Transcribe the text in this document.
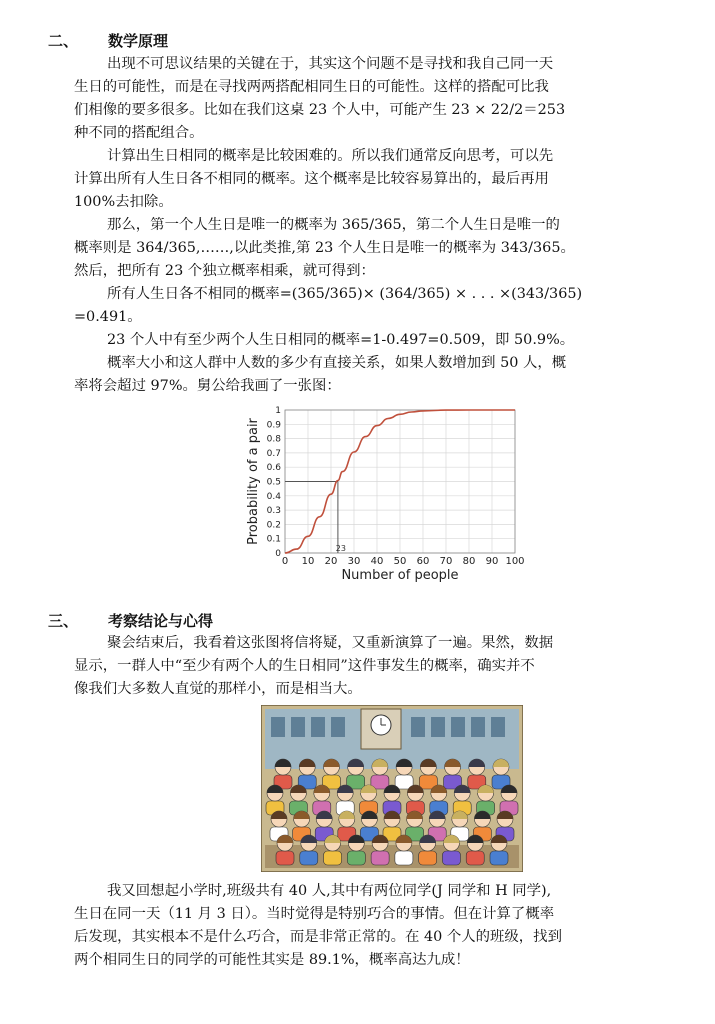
二、 数学原理
出现不可思议结果的关键在于，其实这个问题不是寻找和我自己同一天
生日的可能性，而是在寻找两两搭配相同生日的可能性。这样的搭配可比我
们相像的要多很多。比如在我们这桌 23 个人中，可能产生 23 × 22/2＝253
种不同的搭配组合。
计算出生日相同的概率是比较困难的。所以我们通常反向思考，可以先
计算出所有人生日各不相同的概率。这个概率是比较容易算出的，最后再用
100%去扣除。
那么，第一个人生日是唯一的概率为 365/365，第二个人生日是唯一的
概率则是 364/365,……,以此类推,第 23 个人生日是唯一的概率为 343/365。
然后，把所有 23 个独立概率相乘，就可得到：
所有人生日各不相同的概率=(365/365)× (364/365) × . . . ×(343/365)
=0.491。
23 个人中有至少两个人生日相同的概率=1-0.497=0.509，即 50.9%。
概率大小和这人群中人数的多少有直接关系，如果人数增加到 50 人，概
率将会超过 97%。舅公给我画了一张图：
0 10 20 30 40 50 60 70 80 90 100
0
0.1
0.2
0.3
0.4
0.5
0.6
0.7
0.8
0.9
1
Number of people
Probability of a pair
23
三、 考察结论与心得
聚会结束后，我看着这张图将信将疑，又重新演算了一遍。果然，数据
显示，一群人中“至少有两个人的生日相同”这件事发生的概率，确实并不
像我们大多数人直觉的那样小，而是相当大。
我又回想起小学时,班级共有 40 人,其中有两位同学(J 同学和 H 同学),
生日在同一天（11 月 3 日）。当时觉得是特别巧合的事情。但在计算了概率
后发现，其实根本不是什么巧合，而是非常正常的。在 40 个人的班级，找到
两个相同生日的同学的可能性其实是 89.1%，概率高达九成！
